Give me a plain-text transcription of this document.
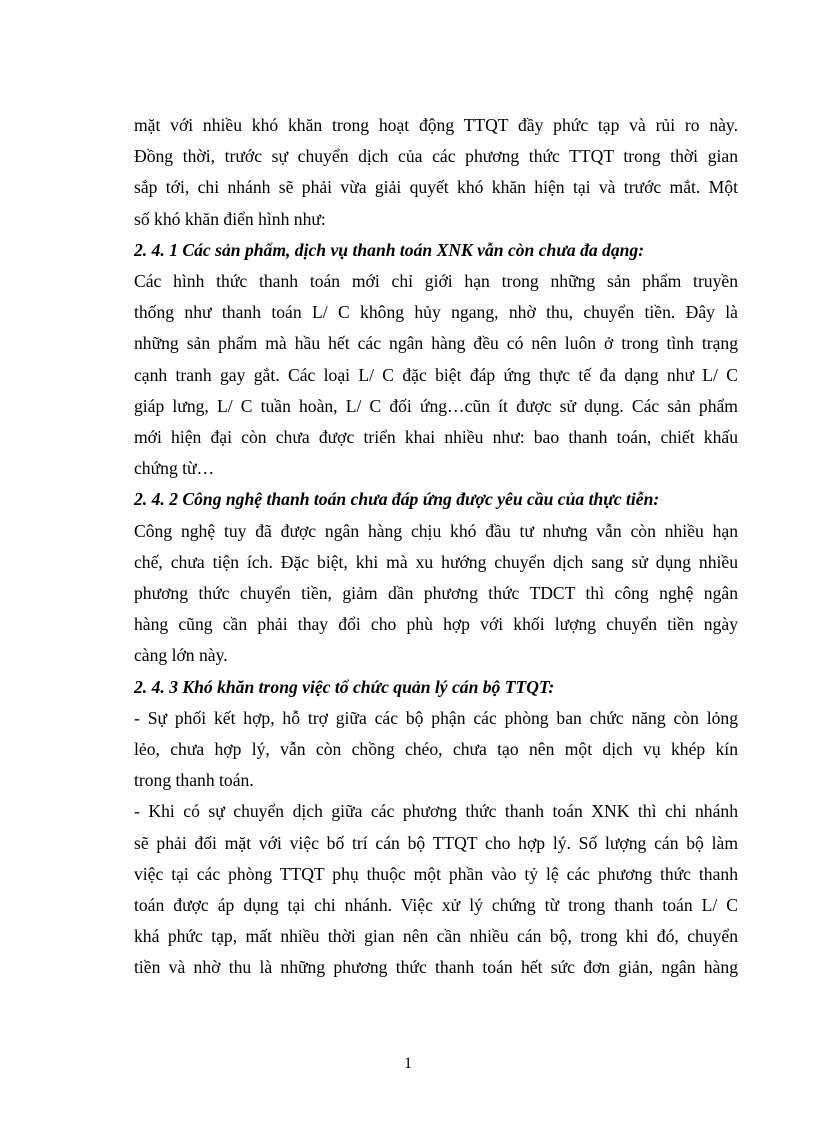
mặt với nhiều khó khăn trong hoạt động TTQT đầy phức tạp và rủi ro này.

Đồng thời, trước sự chuyển dịch của các phương thức TTQT trong thời gian

sắp tới, chi nhánh sẽ phải vừa giải quyết khó khăn hiện tại và trước mắt. Một

số khó khăn điển hình như:

2. 4. 1 Các sản phẩm, dịch vụ thanh toán XNK vẫn còn chưa đa dạng:

Các hình thức thanh toán mới chỉ giới hạn trong những sản phẩm truyền

thống như thanh toán L/ C không hủy ngang, nhờ thu, chuyển tiền. Đây là

những sản phẩm mà hầu hết các ngân hàng đều có nên luôn ở trong tình trạng

cạnh tranh gay gắt. Các loại L/ C đặc biệt đáp ứng thực tế đa dạng như L/ C

giáp lưng, L/ C tuần hoàn, L/ C đối ứng…cũn ít được sử dụng. Các sản phẩm

mới hiện đại còn chưa được triển khai nhiều như: bao thanh toán, chiết khấu

chứng từ…

2. 4. 2 Công nghệ thanh toán chưa đáp ứng được yêu cầu của thực tiễn:

Công nghệ tuy đã được ngân hàng chịu khó đầu tư nhưng vẫn còn nhiều hạn

chế, chưa tiện ích. Đặc biệt, khi mà xu hướng chuyển dịch sang sử dụng nhiều

phương thức chuyển tiền, giảm dần phương thức TDCT thì công nghệ ngân

hàng cũng cần phải thay đổi cho phù hợp với khối lượng chuyển tiền ngày

càng lớn này.

2. 4. 3 Khó khăn trong việc tổ chức quản lý cán bộ TTQT:

- Sự phối kết hợp, hỗ trợ giữa các bộ phận các phòng ban chức năng còn lỏng

lẻo, chưa hợp lý, vẫn còn chồng chéo, chưa tạo nên một dịch vụ khép kín

trong thanh toán.

- Khi có sự chuyển dịch giữa các phương thức thanh toán XNK thì chi nhánh

sẽ phải đối mặt với việc bố trí cán bộ TTQT cho hợp lý. Số lượng cán bộ làm

việc tại các phòng TTQT phụ thuộc một phần vào tỷ lệ các phương thức thanh

toán được áp dụng tại chi nhánh. Việc xử lý chứng từ trong thanh toán L/ C

khá phức tạp, mất nhiều thời gian nên cần nhiều cán bộ, trong khi đó, chuyển

tiền và nhờ thu là những phương thức thanh toán hết sức đơn giản, ngân hàng

1
